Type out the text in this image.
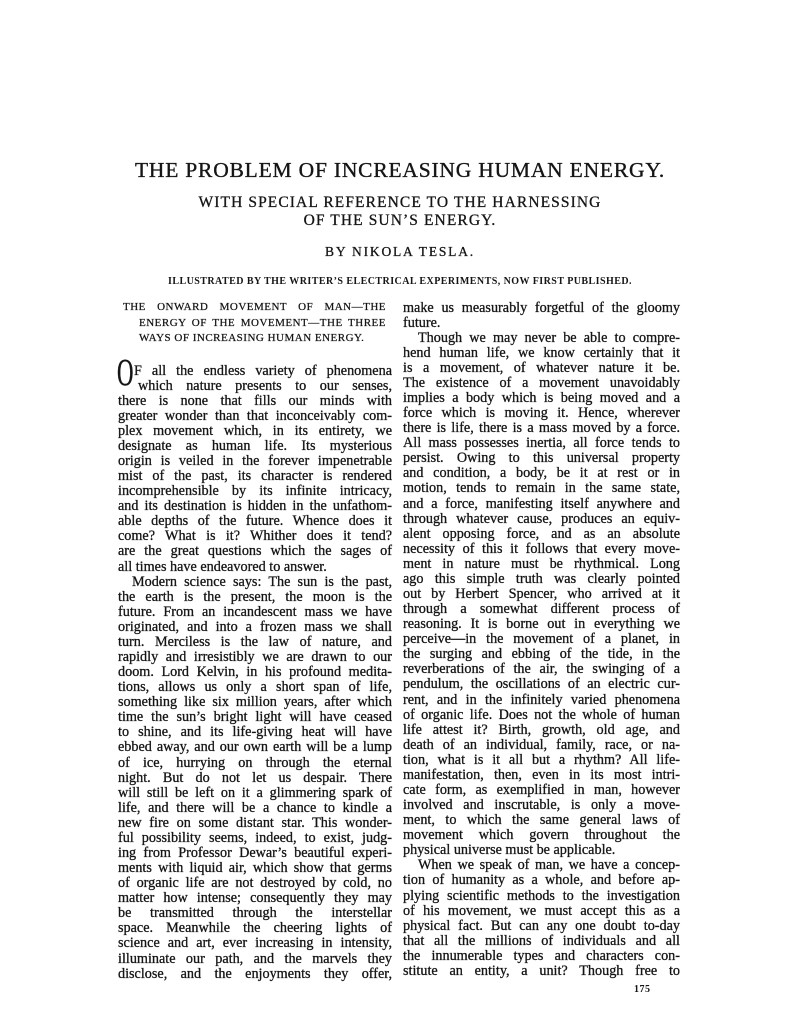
THE PROBLEM OF INCREASING HUMAN ENERGY.
WITH SPECIAL REFERENCE TO THE HARNESSING
OF THE SUN’S ENERGY.
BY NIKOLA TESLA.
ILLUSTRATED BY THE WRITER’S ELECTRICAL EXPERIMENTS, NOW FIRST PUBLISHED.
THE ONWARD MOVEMENT OF MAN—THE
ENERGY OF THE MOVEMENT—THE THREE
WAYS OF INCREASING HUMAN ENERGY.
O F all the endless variety of phenomena
which nature presents to our senses,
there is none that fills our minds with
greater wonder than that inconceivably com-
plex movement which, in its entirety, we
designate as human life. Its mysterious
origin is veiled in the forever impenetrable
mist of the past, its character is rendered
incomprehensible by its infinite intricacy,
and its destination is hidden in the unfathom-
able depths of the future. Whence does it
come? What is it? Whither does it tend?
are the great questions which the sages of
all times have endeavored to answer.
Modern science says: The sun is the past,
the earth is the present, the moon is the
future. From an incandescent mass we have
originated, and into a frozen mass we shall
turn. Merciless is the law of nature, and
rapidly and irresistibly we are drawn to our
doom. Lord Kelvin, in his profound medita-
tions, allows us only a short span of life,
something like six million years, after which
time the sun’s bright light will have ceased
to shine, and its life-giving heat will have
ebbed away, and our own earth will be a lump
of ice, hurrying on through the eternal
night. But do not let us despair. There
will still be left on it a glimmering spark of
life, and there will be a chance to kindle a
new fire on some distant star. This wonder-
ful possibility seems, indeed, to exist, judg-
ing from Professor Dewar’s beautiful experi-
ments with liquid air, which show that germs
of organic life are not destroyed by cold, no
matter how intense; consequently they may
be transmitted through the interstellar
space. Meanwhile the cheering lights of
science and art, ever increasing in intensity,
illuminate our path, and the marvels they
disclose, and the enjoyments they offer,
make us measurably forgetful of the gloomy
future.
Though we may never be able to compre-
hend human life, we know certainly that it
is a movement, of whatever nature it be.
The existence of a movement unavoidably
implies a body which is being moved and a
force which is moving it. Hence, wherever
there is life, there is a mass moved by a force.
All mass possesses inertia, all force tends to
persist. Owing to this universal property
and condition, a body, be it at rest or in
motion, tends to remain in the same state,
and a force, manifesting itself anywhere and
through whatever cause, produces an equiv-
alent opposing force, and as an absolute
necessity of this it follows that every move-
ment in nature must be rhythmical. Long
ago this simple truth was clearly pointed
out by Herbert Spencer, who arrived at it
through a somewhat different process of
reasoning. It is borne out in everything we
perceive—in the movement of a planet, in
the surging and ebbing of the tide, in the
reverberations of the air, the swinging of a
pendulum, the oscillations of an electric cur-
rent, and in the infinitely varied phenomena
of organic life. Does not the whole of human
life attest it? Birth, growth, old age, and
death of an individual, family, race, or na-
tion, what is it all but a rhythm? All life-
manifestation, then, even in its most intri-
cate form, as exemplified in man, however
involved and inscrutable, is only a move-
ment, to which the same general laws of
movement which govern throughout the
physical universe must be applicable.
When we speak of man, we have a concep-
tion of humanity as a whole, and before ap-
plying scientific methods to the investigation
of his movement, we must accept this as a
physical fact. But can any one doubt to-day
that all the millions of individuals and all
the innumerable types and characters con-
stitute an entity, a unit? Though free to
175
